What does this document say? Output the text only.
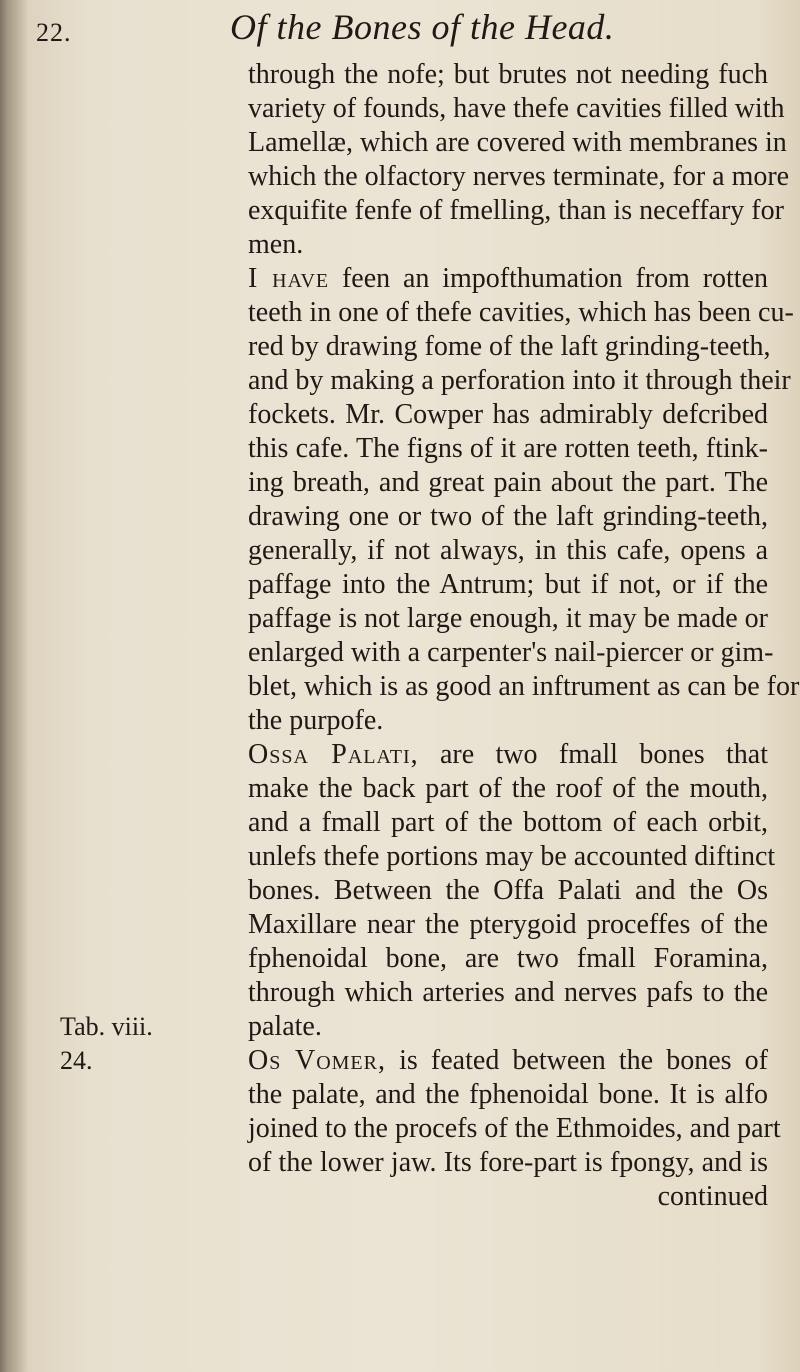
22.	Of the Bones of the Head.
through the nofe; but brutes not needing fuch
variety of founds, have thefe cavities filled with
Lamellæ, which are covered with membranes in
which the olfactory nerves terminate, for a more
exquifite fenfe of fmelling, than is neceffary for
men.
I have feen an impofthumation from rotten
teeth in one of thefe cavities, which has been cu-
red by drawing fome of the laft grinding-teeth,
and by making a perforation into it through their
fockets. Mr. Cowper has admirably defcribed
this cafe. The figns of it are rotten teeth, ftink-
ing breath, and great pain about the part. The
drawing one or two of the laft grinding-teeth,
generally, if not always, in this cafe, opens a
paffage into the Antrum; but if not, or if the
paffage is not large enough, it may be made or
enlarged with a carpenter's nail-piercer or gim-
blet, which is as good an inftrument as can be for
the purpofe.
Ossa Palati, are two fmall bones that
make the back part of the roof of the mouth,
and a fmall part of the bottom of each orbit,
unlefs thefe portions may be accounted diftinct
bones. Between the Offa Palati and the Os
Maxillare near the pterygoid proceffes of the
fphenoidal bone, are two fmall Foramina,
through which arteries and nerves pafs to the
palate.
Os Vomer, is feated between the bones of
the palate, and the fphenoidal bone. It is alfo
joined to the procefs of the Ethmoides, and part
of the lower jaw. Its fore-part is fpongy, and is
continued
Tab. viii.
24.
